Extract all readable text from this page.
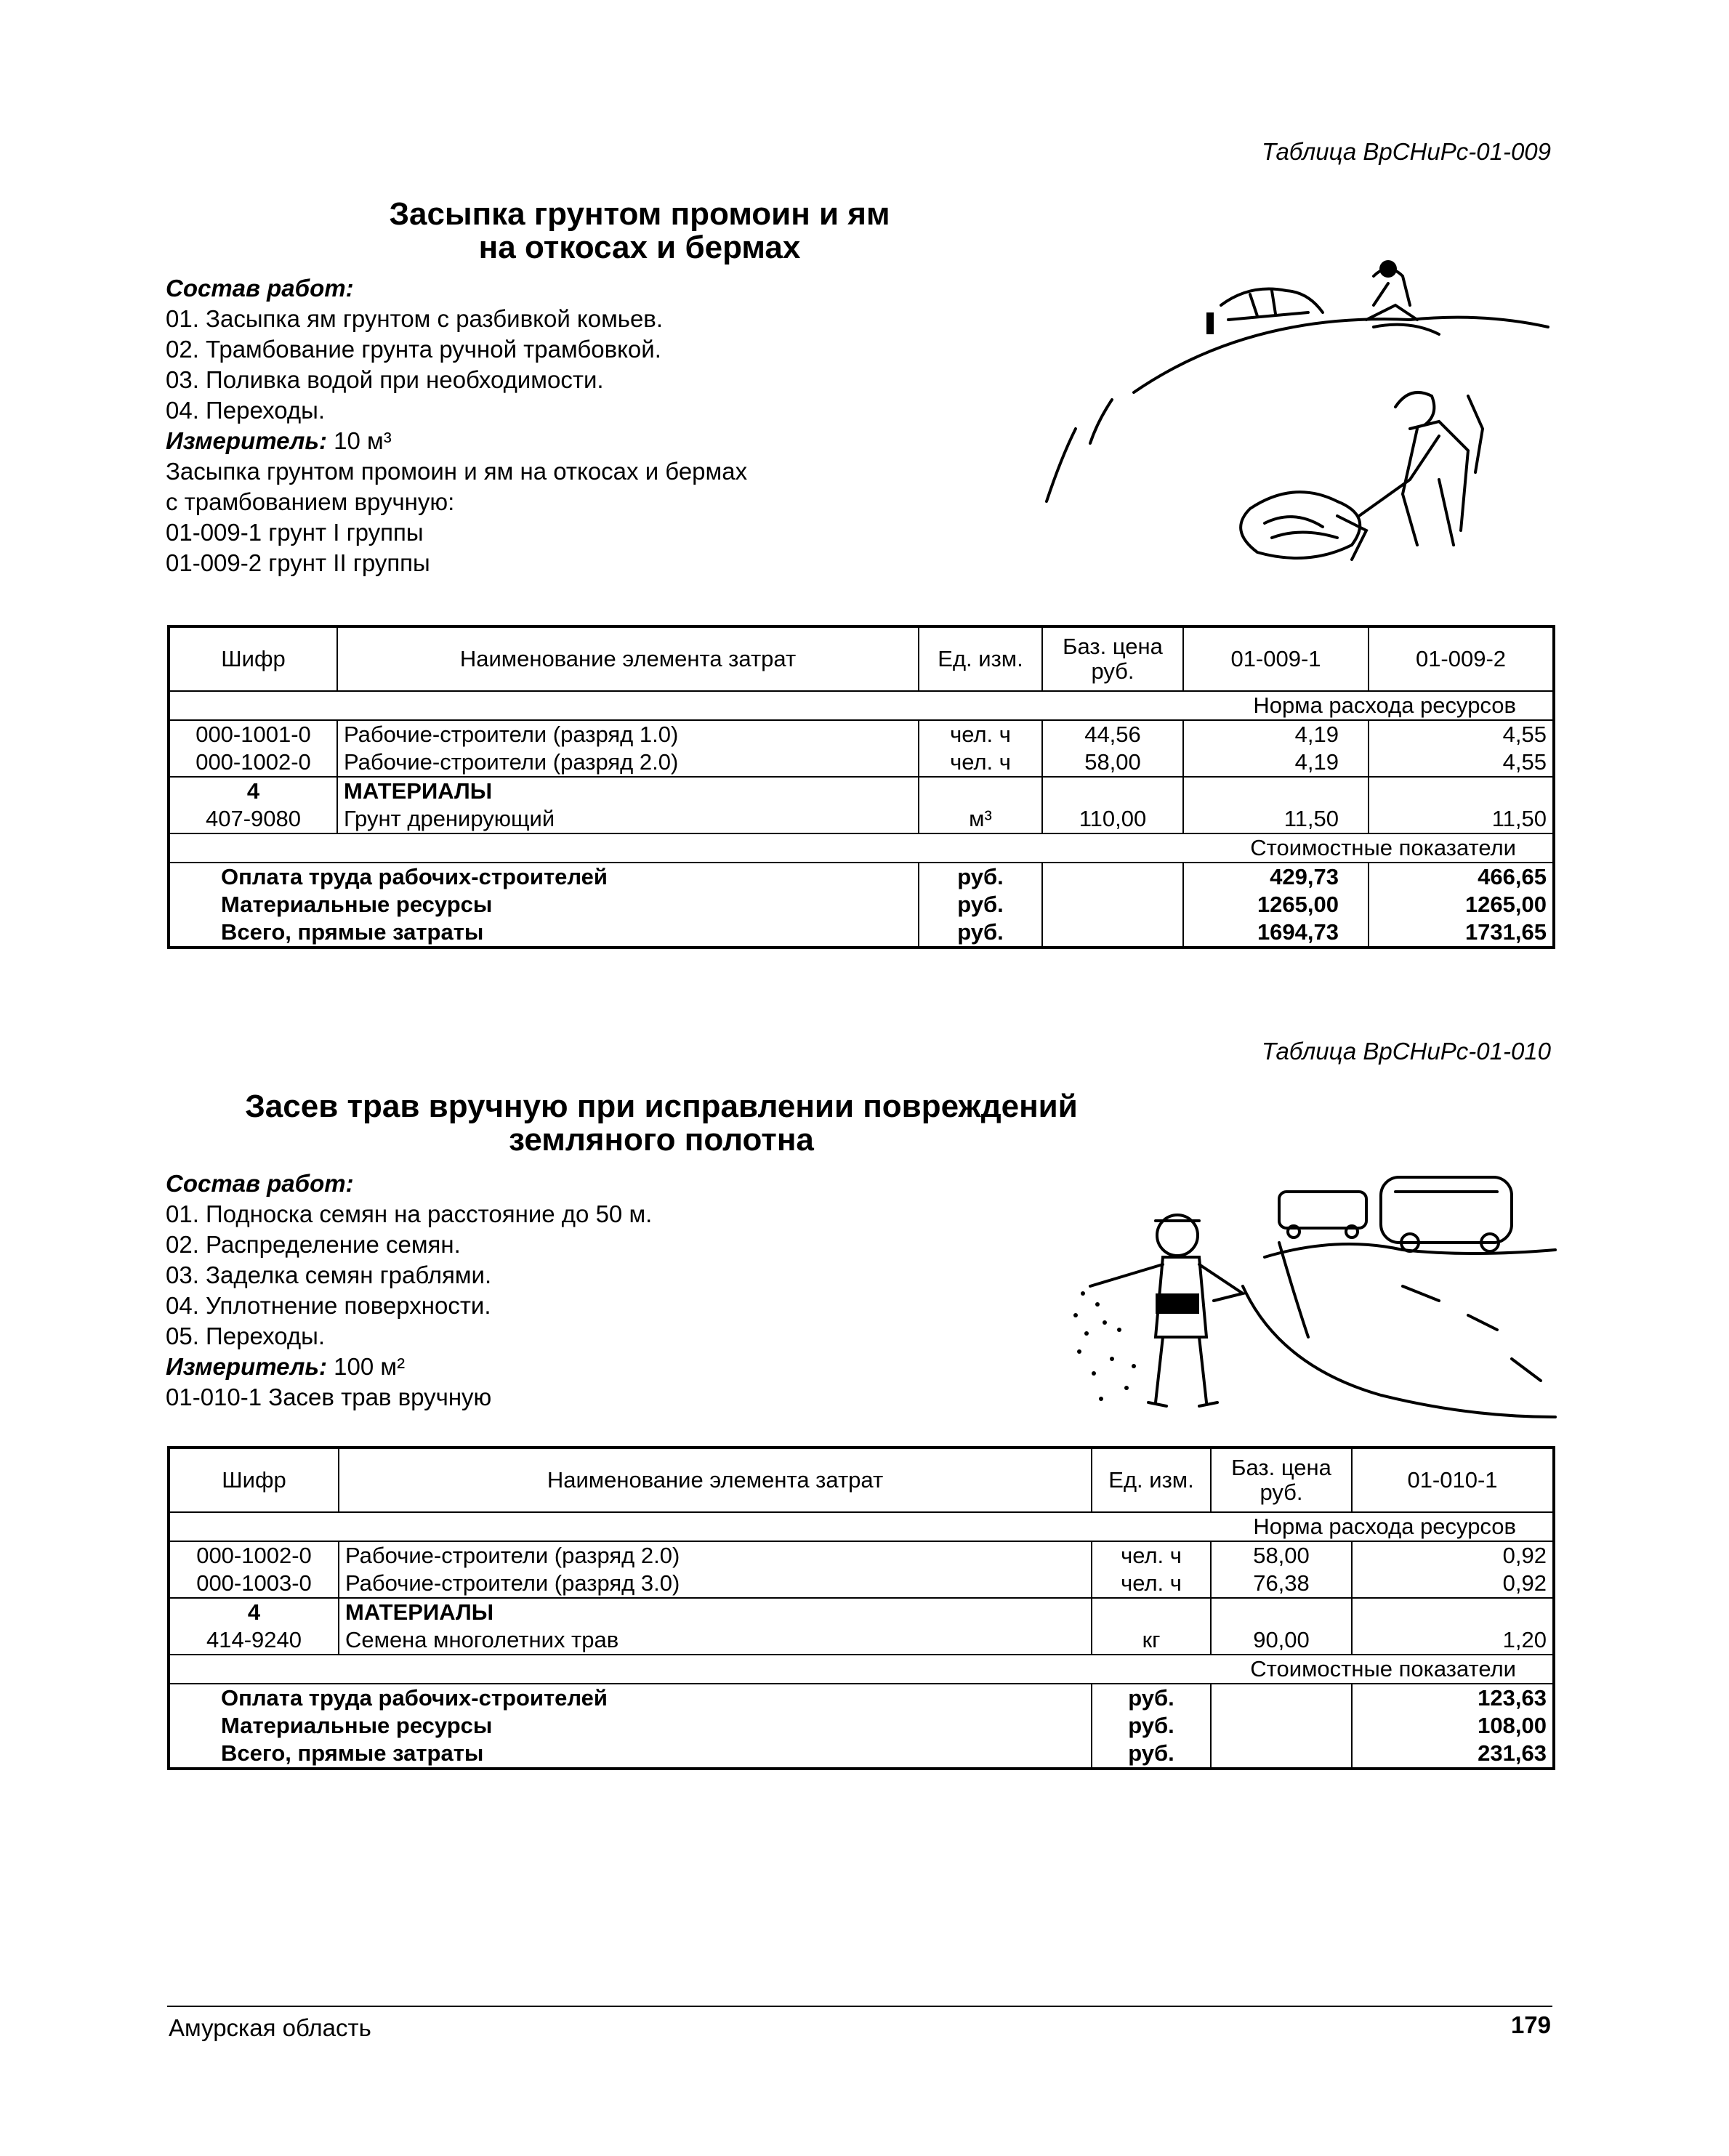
Таблица ВрСНиРс-01-009
Засыпка грунтом промоин и ям
на откосах и бермах
Состав работ:
01. Засыпка ям грунтом с разбивкой комьев.
02. Трамбование грунта ручной трамбовкой.
03. Поливка водой при необходимости.
04. Переходы.
Измеритель: 10 м³
Засыпка грунтом промоин и ям на откосах и бермах
с трамбованием вручную:
01-009-1 грунт I группы
01-009-2 грунт II группы
Шифр	Наименование элемента затрат	Ед. изм.	Баз. цена руб.	01-009-1	01-009-2
Норма расхода ресурсов					
000-1001-0	Рабочие-строители (разряд 1.0)	чел. ч	44,56	4,19	4,55
000-1002-0	Рабочие-строители (разряд 2.0)	чел. ч	58,00	4,19	4,55
4	МАТЕРИАЛЫ				
407-9080	Грунт дренирующий	м³	110,00	11,50	11,50
Стоимостные показатели					
Оплата труда рабочих-строителей		руб.		429,73	466,65
Материальные ресурсы		руб.		1265,00	1265,00
Всего, прямые затраты		руб.		1694,73	1731,65
Таблица ВрСНиРс-01-010
Засев трав вручную при исправлении повреждений
земляного полотна
Состав работ:
01. Подноска семян на расстояние до 50 м.
02. Распределение семян.
03. Заделка семян граблями.
04. Уплотнение поверхности.
05. Переходы.
Измеритель: 100 м²
01-010-1 Засев трав вручную
Шифр	Наименование элемента затрат	Ед. изм.	Баз. цена руб.	01-010-1
Норма расхода ресурсов				
000-1002-0	Рабочие-строители (разряд 2.0)	чел. ч	58,00	0,92
000-1003-0	Рабочие-строители (разряд 3.0)	чел. ч	76,38	0,92
4	МАТЕРИАЛЫ			
414-9240	Семена многолетних трав	кг	90,00	1,20
Стоимостные показатели				
Оплата труда рабочих-строителей		руб.		123,63
Материальные ресурсы		руб.		108,00
Всего, прямые затраты		руб.		231,63
Амурская область	179
